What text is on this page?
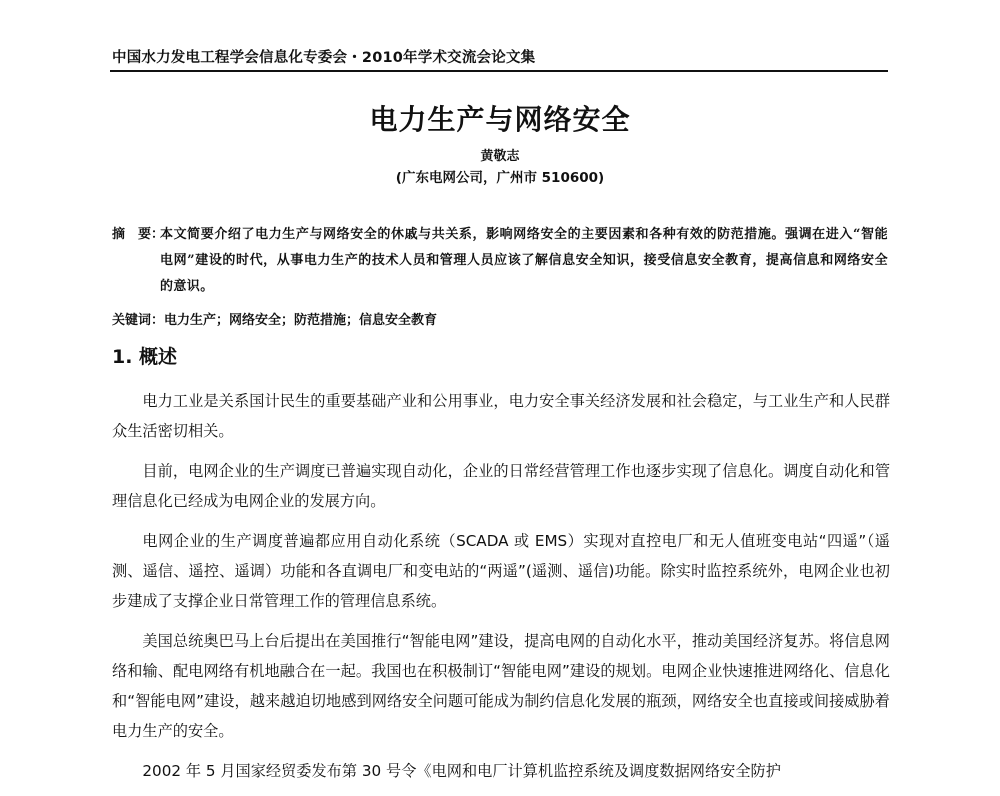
中国水力发电工程学会信息化专委会・2010年学术交流会论文集
电力生产与网络安全
黄敬志
(广东电网公司，广州市 510600)
摘　要：
本文简要介绍了电力生产与网络安全的休戚与共关系，影响网络安全的主要因素和各种有效的防范措施。强调在进入“智能电网”建设的时代，从事电力生产的技术人员和管理人员应该了解信息安全知识，接受信息安全教育，提高信息和网络安全的意识。
关键词：电力生产；网络安全；防范措施；信息安全教育
1. 概述

电力工业是关系国计民生的重要基础产业和公用事业，电力安全事关经济发展和社会稳定，与工业生产和人民群众生活密切相关。

目前，电网企业的生产调度已普遍实现自动化，企业的日常经营管理工作也逐步实现了信息化。调度自动化和管理信息化已经成为电网企业的发展方向。

电网企业的生产调度普遍都应用自动化系统（SCADA 或 EMS）实现对直控电厂和无人值班变电站“四遥”（遥测、遥信、遥控、遥调）功能和各直调电厂和变电站的“两遥”(遥测、遥信)功能。除实时监控系统外，电网企业也初步建成了支撑企业日常管理工作的管理信息系统。

美国总统奥巴马上台后提出在美国推行“智能电网”建设，提高电网的自动化水平，推动美国经济复苏。将信息网络和输、配电网络有机地融合在一起。我国也在积极制订“智能电网”建设的规划。电网企业快速推进网络化、信息化和“智能电网”建设，越来越迫切地感到网络安全问题可能成为制约信息化发展的瓶颈，网络安全也直接或间接威胁着电力生产的安全。

2002 年 5 月国家经贸委发布第 30 号令《电网和电厂计算机监控系统及调度数据网络安全防护
